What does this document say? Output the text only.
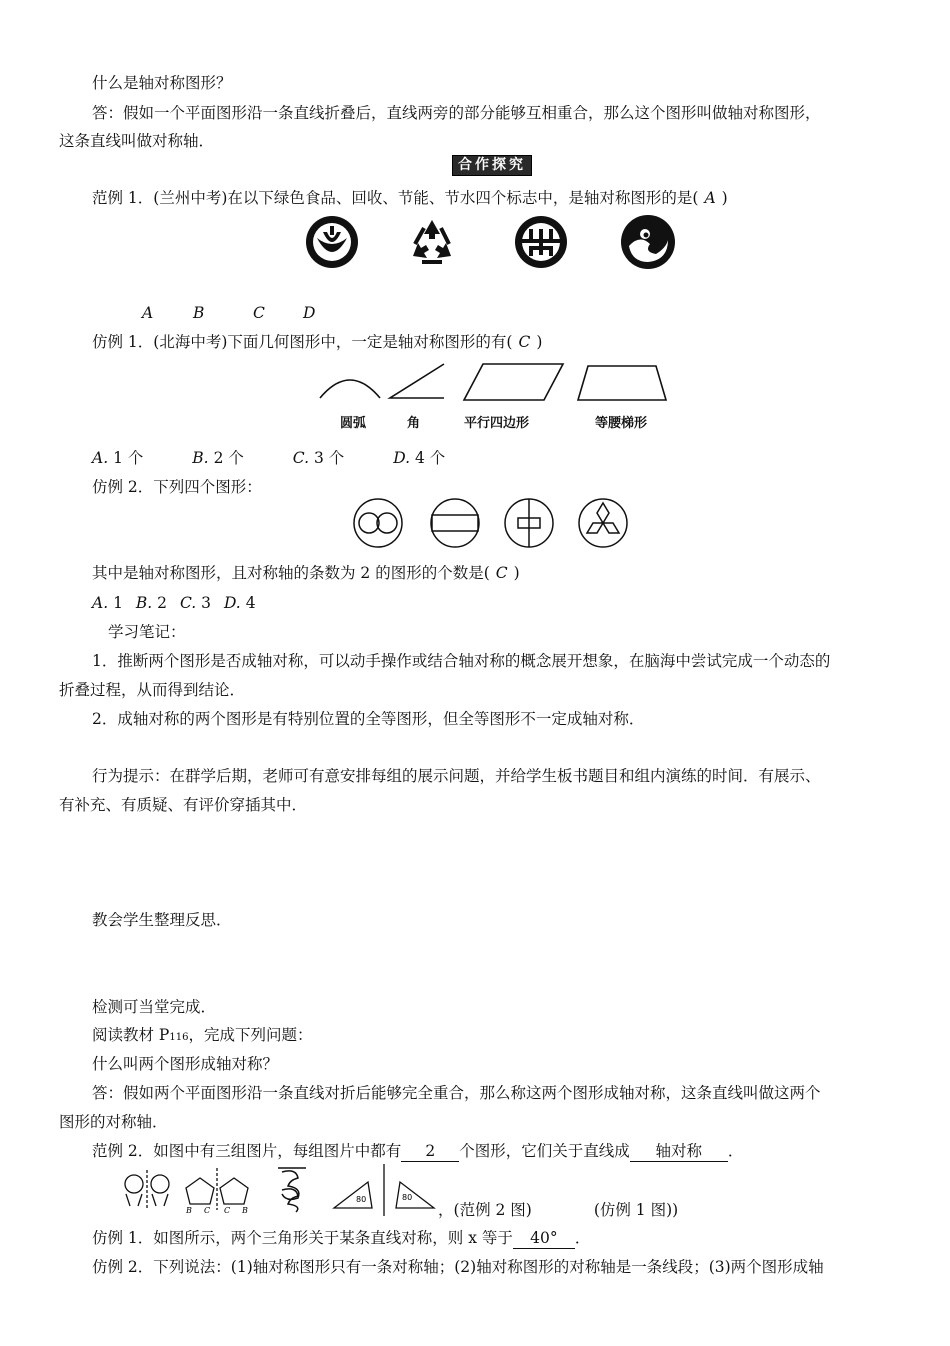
什么是轴对称图形？
答：假如一个平面图形沿一条直线折叠后，直线两旁的部分能够互相重合，那么这个图形叫做轴对称图形，
这条直线叫做对称轴．
合作探究
范例 1．(兰州中考)在以下绿色食品、回收、节能、节水四个标志中，是轴对称图形的是( A )
A	B	C D
仿例 1．(北海中考)下面几何图形中，一定是轴对称图形的有( C )
圆弧	角	平行四边形	等腰梯形
A. 1 个	B. 2 个	C. 3 个	D. 4 个
仿例 2．下列四个图形：
其中是轴对称图形，且对称轴的条数为 2 的图形的个数是( C )
A. 1 B. 2 C. 3 D. 4
学习笔记：
1．推断两个图形是否成轴对称，可以动手操作或结合轴对称的概念展开想象，在脑海中尝试完成一个动态的
折叠过程，从而得到结论．
2．成轴对称的两个图形是有特别位置的全等图形，但全等图形不一定成轴对称．
行为提示：在群学后期，老师可有意安排每组的展示问题，并给学生板书题目和组内演练的时间．有展示、
有补充、有质疑、有评价穿插其中．
教会学生整理反思．
检测可当堂完成．
阅读教材 P116，完成下列问题：
什么叫两个图形成轴对称？
答：假如两个平面图形沿一条直线对折后能够完全重合，那么称这两个图形成轴对称，这条直线叫做这两个
图形的对称轴．
范例 2．如图中有三组图片，每组图片中都有 2 个图形，它们关于直线成 轴对称 ．
B C C B
80	80
，(范例 2 图)	(仿例 1 图))
仿例 1．如图所示，两个三角形关于某条直线对称，则 x 等于 40° ．
仿例 2．下列说法：(1)轴对称图形只有一条对称轴；(2)轴对称图形的对称轴是一条线段；(3)两个图形成轴
